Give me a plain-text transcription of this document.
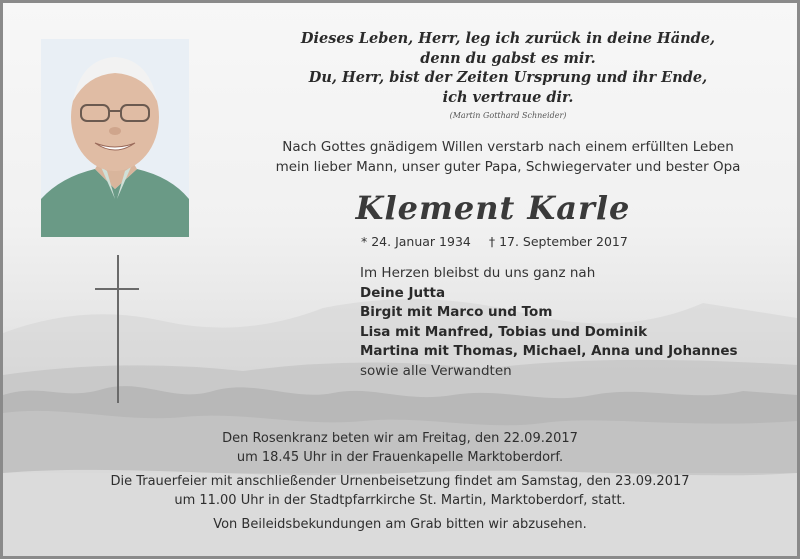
Dieses Leben, Herr, leg ich zurück in deine Hände,
denn du gabst es mir.
Du, Herr, bist der Zeiten Ursprung und ihr Ende,
ich vertraue dir.
(Martin Gotthard Schneider)
Nach Gottes gnädigem Willen verstarb nach einem erfüllten Leben
mein lieber Mann, unser guter Papa, Schwiegervater und bester Opa
Klement Karle
* 24. Januar 1934 † 17. September 2017
Im Herzen bleibst du uns ganz nah
Deine Jutta
Birgit mit Marco und Tom
Lisa mit Manfred, Tobias und Dominik
Martina mit Thomas, Michael, Anna und Johannes
sowie alle Verwandten
Den Rosenkranz beten wir am Freitag, den 22.09.2017
um 18.45 Uhr in der Frauenkapelle Marktoberdorf.
Die Trauerfeier mit anschließender Urnenbeisetzung findet am Samstag, den 23.09.2017
um 11.00 Uhr in der Stadtpfarrkirche St. Martin, Marktoberdorf, statt.
Von Beileidsbekundungen am Grab bitten wir abzusehen.
